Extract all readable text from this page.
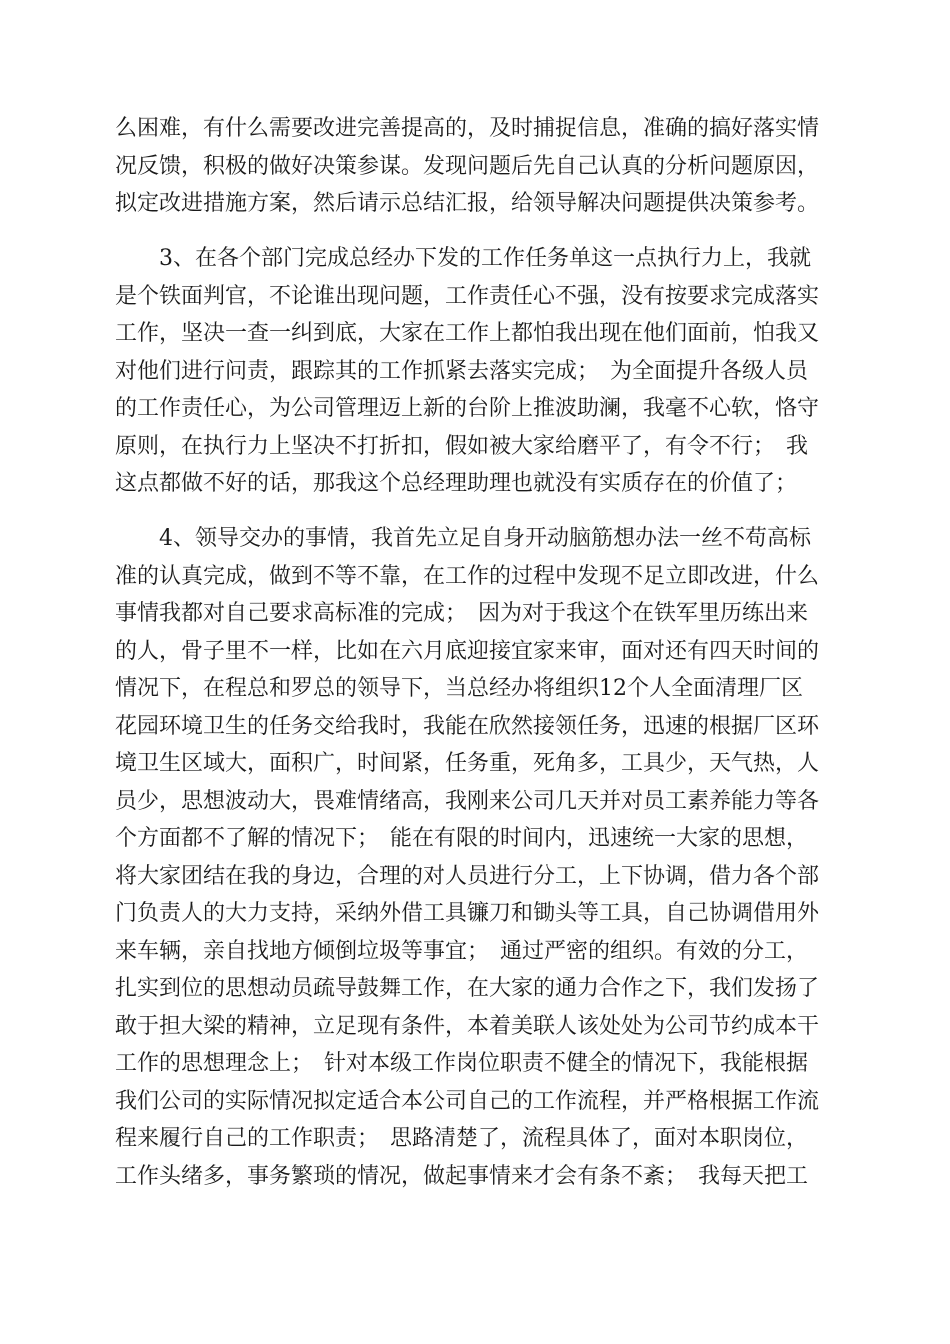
么困难，有什么需要改进完善提高的，及时捕捉信息，准确的搞好落实情
况反馈，积极的做好决策参谋。发现问题后先自己认真的分析问题原因，
拟定改进措施方案，然后请示总结汇报，给领导解决问题提供决策参考。
3、在各个部门完成总经办下发的工作任务单这一点执行力上，我就
是个铁面判官，不论谁出现问题，工作责任心不强，没有按要求完成落实
工作，坚决一查一纠到底，大家在工作上都怕我出现在他们面前，怕我又
对他们进行问责，跟踪其的工作抓紧去落实完成；　为全面提升各级人员
的工作责任心，为公司管理迈上新的台阶上推波助澜，我毫不心软，恪守
原则，在执行力上坚决不打折扣，假如被大家给磨平了，有令不行；　我
这点都做不好的话，那我这个总经理助理也就没有实质存在的价值了；
4、领导交办的事情，我首先立足自身开动脑筋想办法一丝不苟高标
准的认真完成，做到不等不靠，在工作的过程中发现不足立即改进，什么
事情我都对自己要求高标准的完成；　因为对于我这个在铁军里历练出来
的人，骨子里不一样，比如在六月底迎接宜家来审，面对还有四天时间的
情况下，在程总和罗总的领导下，当总经办将组织12个人全面清理厂区
花园环境卫生的任务交给我时，我能在欣然接领任务，迅速的根据厂区环
境卫生区域大，面积广，时间紧，任务重，死角多，工具少，天气热，人
员少，思想波动大，畏难情绪高，我刚来公司几天并对员工素养能力等各
个方面都不了解的情况下；　能在有限的时间内，迅速统一大家的思想，
将大家团结在我的身边，合理的对人员进行分工，上下协调，借力各个部
门负责人的大力支持，采纳外借工具镰刀和锄头等工具，自己协调借用外
来车辆，亲自找地方倾倒垃圾等事宜；　通过严密的组织。有效的分工，
扎实到位的思想动员疏导鼓舞工作，在大家的通力合作之下，我们发扬了
敢于担大梁的精神，立足现有条件，本着美联人该处处为公司节约成本干
工作的思想理念上；　针对本级工作岗位职责不健全的情况下，我能根据
我们公司的实际情况拟定适合本公司自己的工作流程，并严格根据工作流
程来履行自己的工作职责；　思路清楚了，流程具体了，面对本职岗位，
工作头绪多，事务繁琐的情况，做起事情来才会有条不紊；　我每天把工
